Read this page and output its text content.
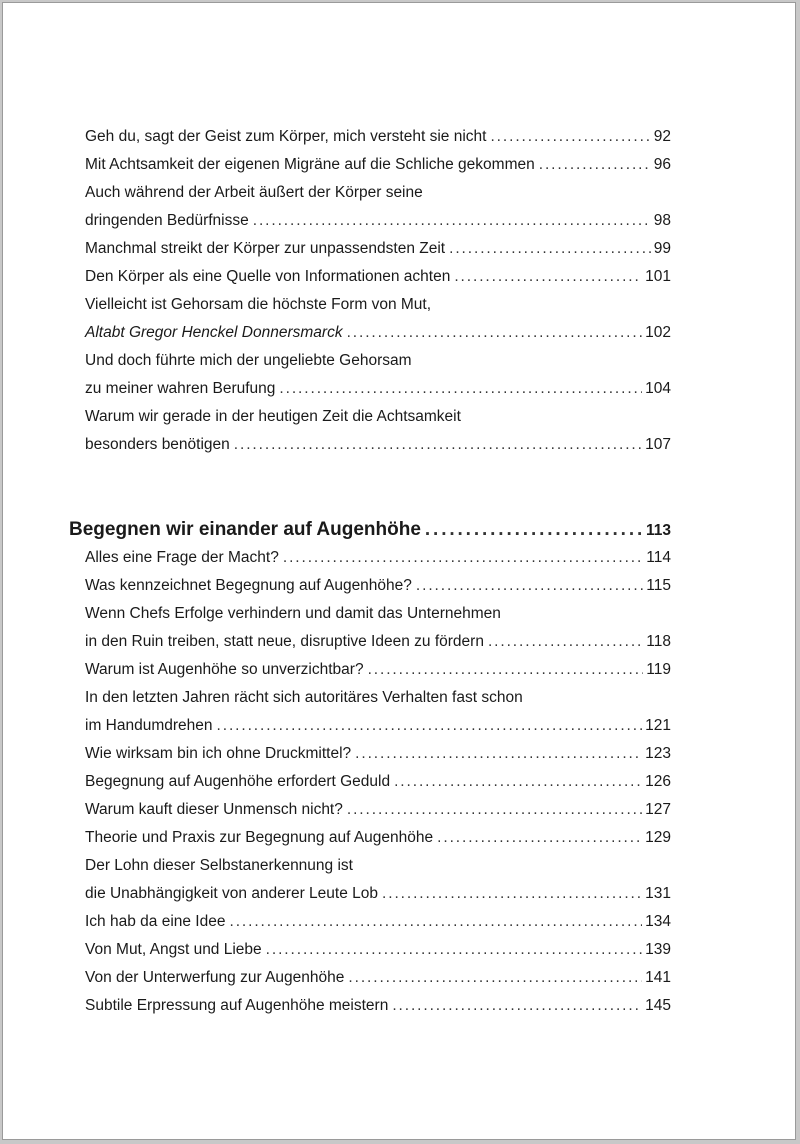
Geh du, sagt der Geist zum Körper, mich versteht sie nicht . . .	92
Mit Achtsamkeit der eigenen Migräne auf die Schliche gekommen . . .	96
Auch während der Arbeit äußert der Körper seine
dringenden Bedürfnisse . . .	98
Manchmal streikt der Körper zur unpassendsten Zeit . . .	99
Den Körper als eine Quelle von Informationen achten . . .	101
Vielleicht ist Gehorsam die höchste Form von Mut,
Altabt Gregor Henckel Donnersmarck . . .	102
Und doch führte mich der ungeliebte Gehorsam
zu meiner wahren Berufung . . .	104
Warum wir gerade in der heutigen Zeit die Achtsamkeit
besonders benötigen . . .	107
Begegnen wir einander auf Augenhöhe . . .	113
Alles eine Frage der Macht? . . .	114
Was kennzeichnet Begegnung auf Augenhöhe? . . .	115
Wenn Chefs Erfolge verhindern und damit das Unternehmen
in den Ruin treiben, statt neue, disruptive Ideen zu fördern . . .	118
Warum ist Augenhöhe so unverzichtbar? . . .	119
In den letzten Jahren rächt sich autoritäres Verhalten fast schon
im Handumdrehen . . .	121
Wie wirksam bin ich ohne Druckmittel? . . .	123
Begegnung auf Augenhöhe erfordert Geduld . . .	126
Warum kauft dieser Unmensch nicht? . . .	127
Theorie und Praxis zur Begegnung auf Augenhöhe . . .	129
Der Lohn dieser Selbstanerkennung ist
die Unabhängigkeit von anderer Leute Lob . . .	131
Ich hab da eine Idee . . .	134
Von Mut, Angst und Liebe . . .	139
Von der Unterwerfung zur Augenhöhe . . .	141
Subtile Erpressung auf Augenhöhe meistern . . .	145
